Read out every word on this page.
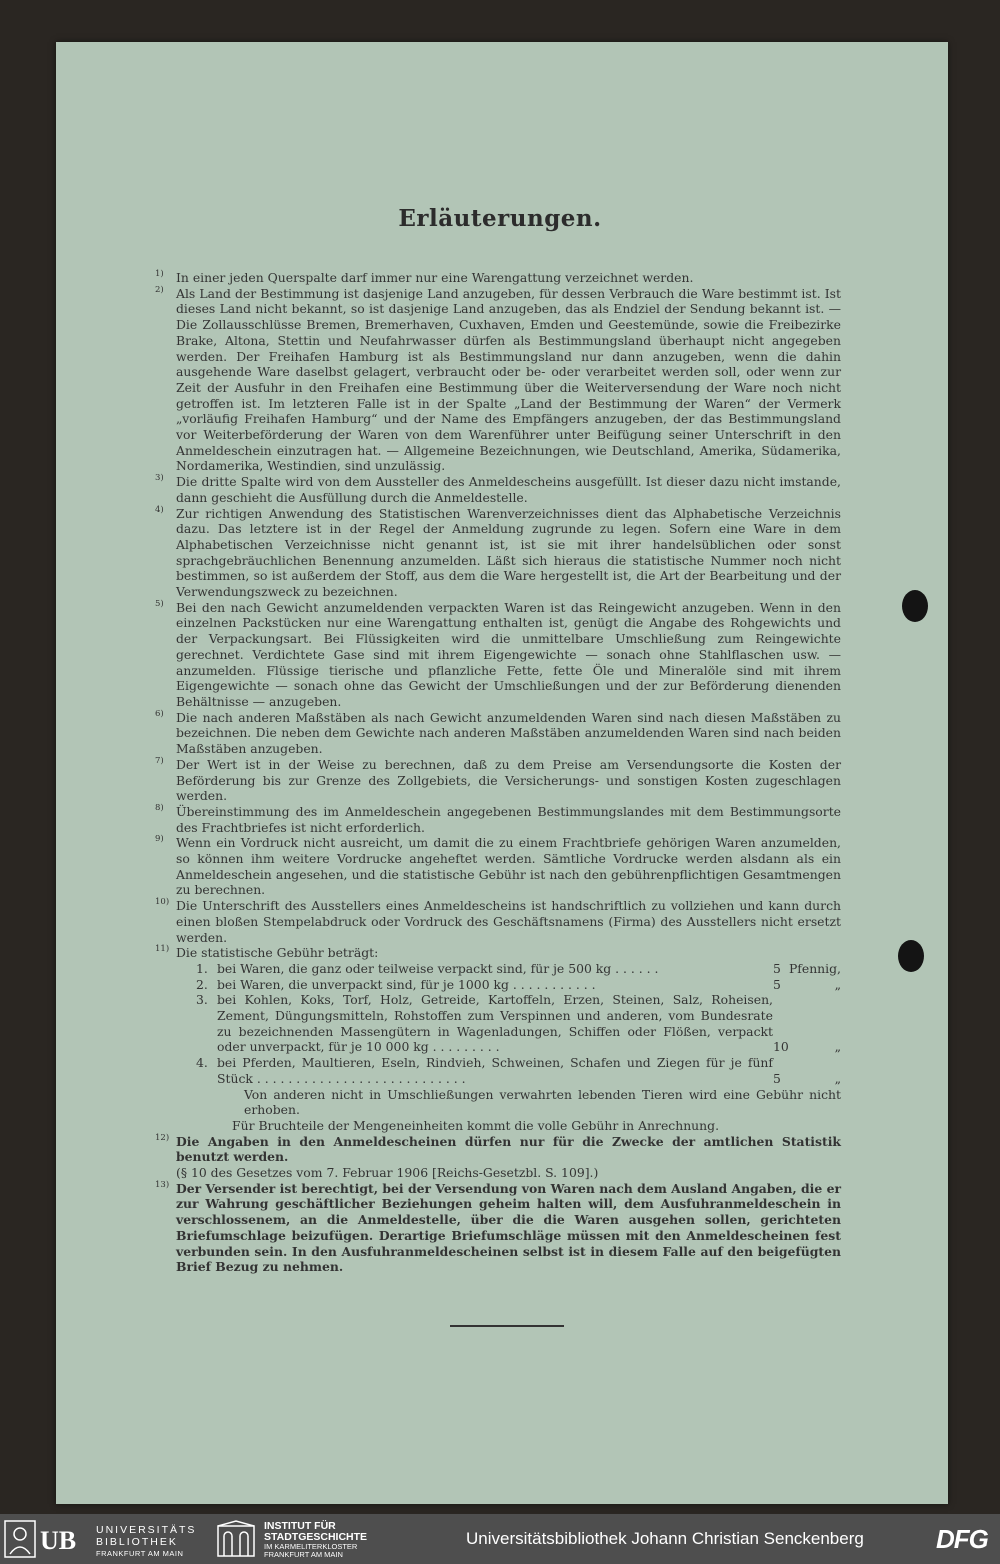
Erläuterungen.
1) In einer jeden Querspalte darf immer nur eine Warengattung verzeichnet werden.
2) Als Land der Bestimmung ist dasjenige Land anzugeben, für dessen Verbrauch die Ware bestimmt ist. Ist dieses Land nicht bekannt, so ist dasjenige Land anzugeben, das als Endziel der Sendung bekannt ist. — Die Zollausschlüsse Bremen, Bremerhaven, Cuxhaven, Emden und Geestemünde, sowie die Freibezirke Brake, Altona, Stettin und Neufahrwasser dürfen als Bestimmungsland überhaupt nicht angegeben werden. Der Freihafen Hamburg ist als Bestimmungsland nur dann anzugeben, wenn die dahin ausgehende Ware daselbst gelagert, verbraucht oder be- oder verarbeitet werden soll, oder wenn zur Zeit der Ausfuhr in den Freihafen eine Bestimmung über die Weiterversendung der Ware noch nicht getroffen ist. Im letzteren Falle ist in der Spalte „Land der Bestimmung der Waren“ der Vermerk „vorläufig Freihafen Hamburg“ und der Name des Empfängers anzugeben, der das Bestimmungsland vor Weiterbeförderung der Waren von dem Warenführer unter Beifügung seiner Unterschrift in den Anmeldeschein einzutragen hat. — Allgemeine Bezeichnungen, wie Deutschland, Amerika, Südamerika, Nordamerika, Westindien, sind unzulässig.
3) Die dritte Spalte wird von dem Aussteller des Anmeldescheins ausgefüllt. Ist dieser dazu nicht imstande, dann geschieht die Ausfüllung durch die Anmeldestelle.
4) Zur richtigen Anwendung des Statistischen Warenverzeichnisses dient das Alphabetische Verzeichnis dazu. Das letztere ist in der Regel der Anmeldung zugrunde zu legen. Sofern eine Ware in dem Alphabetischen Verzeichnisse nicht genannt ist, ist sie mit ihrer handelsüblichen oder sonst sprachgebräuchlichen Benennung anzumelden. Läßt sich hieraus die statistische Nummer noch nicht bestimmen, so ist außerdem der Stoff, aus dem die Ware hergestellt ist, die Art der Bearbeitung und der Verwendungszweck zu bezeichnen.
5) Bei den nach Gewicht anzumeldenden verpackten Waren ist das Reingewicht anzugeben. Wenn in den einzelnen Packstücken nur eine Warengattung enthalten ist, genügt die Angabe des Rohgewichts und der Verpackungsart. Bei Flüssigkeiten wird die unmittelbare Umschließung zum Reingewichte gerechnet. Verdichtete Gase sind mit ihrem Eigengewichte — sonach ohne Stahlflaschen usw. — anzumelden. Flüssige tierische und pflanzliche Fette, fette Öle und Mineralöle sind mit ihrem Eigengewichte — sonach ohne das Gewicht der Umschließungen und der zur Beförderung dienenden Behältnisse — anzugeben.
6) Die nach anderen Maßstäben als nach Gewicht anzumeldenden Waren sind nach diesen Maßstäben zu bezeichnen. Die neben dem Gewichte nach anderen Maßstäben anzumeldenden Waren sind nach beiden Maßstäben anzugeben.
7) Der Wert ist in der Weise zu berechnen, daß zu dem Preise am Versendungsorte die Kosten der Beförderung bis zur Grenze des Zollgebiets, die Versicherungs- und sonstigen Kosten zugeschlagen werden.
8) Übereinstimmung des im Anmeldeschein angegebenen Bestimmungslandes mit dem Bestimmungsorte des Frachtbriefes ist nicht erforderlich.
9) Wenn ein Vordruck nicht ausreicht, um damit die zu einem Frachtbriefe gehörigen Waren anzumelden, so können ihm weitere Vordrucke angeheftet werden. Sämtliche Vordrucke werden alsdann als ein Anmeldeschein angesehen, und die statistische Gebühr ist nach den gebührenpflichtigen Gesamtmengen zu berechnen.
10) Die Unterschrift des Ausstellers eines Anmeldescheins ist handschriftlich zu vollziehen und kann durch einen bloßen Stempelabdruck oder Vordruck des Geschäftsnamens (Firma) des Ausstellers nicht ersetzt werden.
11) Die statistische Gebühr beträgt:
1. bei Waren, die ganz oder teilweise verpackt sind, für je 500 kg . . . . . .	5 Pfennig,
2. bei Waren, die unverpackt sind, für je 1000 kg . . . . . . . . . . .	5	„
3. bei Kohlen, Koks, Torf, Holz, Getreide, Kartoffeln, Erzen, Steinen, Salz, Roheisen, Zement, Düngungsmitteln, Rohstoffen zum Verspinnen und anderen, vom Bundesrate zu bezeichnenden Massengütern in Wagenladungen, Schiffen oder Flößen, verpackt oder unverpackt, für je 10 000 kg . . . . . . . . .	10	„
4. bei Pferden, Maultieren, Eseln, Rindvieh, Schweinen, Schafen und Ziegen für je fünf Stück . . . . . . . . . . . . . . . . . . . . . . . . . . .	5	„
Von anderen nicht in Umschließungen verwahrten lebenden Tieren wird eine Gebühr nicht erhoben.
Für Bruchteile der Mengeneinheiten kommt die volle Gebühr in Anrechnung.
12) Die Angaben in den Anmeldescheinen dürfen nur für die Zwecke der amtlichen Statistik benutzt werden.
(§ 10 des Gesetzes vom 7. Februar 1906 [Reichs-Gesetzbl. S. 109].)
13) Der Versender ist berechtigt, bei der Versendung von Waren nach dem Ausland Angaben, die er zur Wahrung geschäftlicher Beziehungen geheim halten will, dem Ausfuhranmeldeschein in verschlossenem, an die Anmeldestelle, über die die Waren ausgehen sollen, gerichteten Briefumschlage beizufügen. Derartige Briefumschläge müssen mit den Anmeldescheinen fest verbunden sein. In den Ausfuhranmeldescheinen selbst ist in diesem Falle auf den beigefügten Brief Bezug zu nehmen.
UB UNIVERSITÄTS
BIBLIOTHEK
FRANKFURT AM MAIN
INSTITUT FÜR
STADTGESCHICHTE
IM KARMELITERKLOSTER
FRANKFURT AM MAIN
Universitätsbibliothek Johann Christian Senckenberg	DFG
